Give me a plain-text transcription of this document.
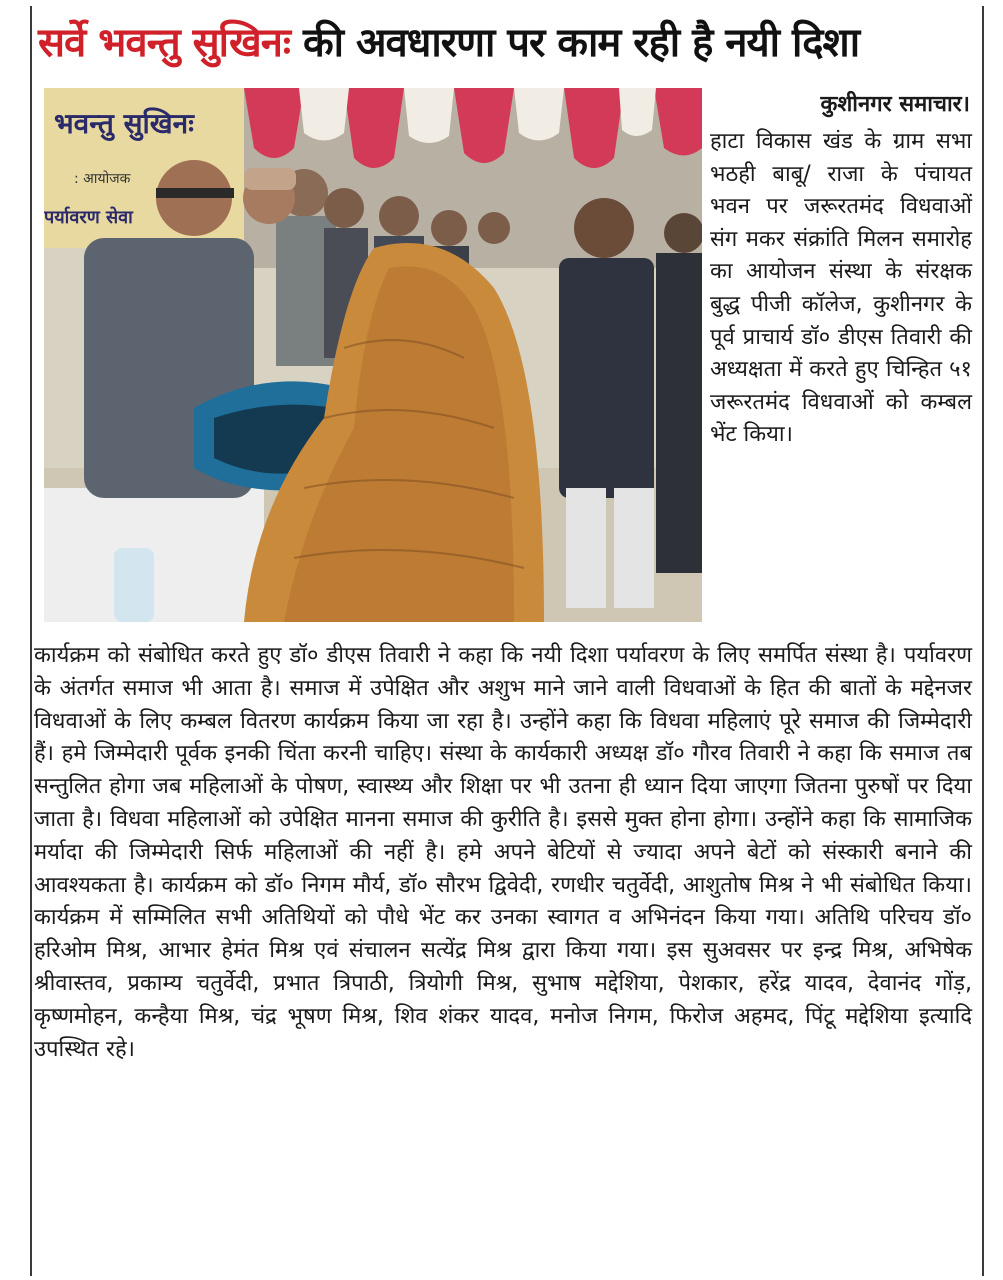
सर्वे भवन्तु सुखिनः की अवधारणा पर काम रही है नयी दिशा
भवन्तु सुखिनः
: आयोजक
पर्यावरण सेवा
कुशीनगर समाचार।
हाटा विकास खंड के ग्राम सभा भठही बाबू/ राजा के पंचायत भवन पर जरूरतमंद विधवाओं संग मकर संक्रांति मिलन समारोह का आयोजन संस्था के संरक्षक बुद्ध पीजी कॉलेज, कुशीनगर के पूर्व प्राचार्य डॉ० डीएस तिवारी की अध्यक्षता में करते हुए चिन्हित ५१ जरूरतमंद विधवाओं को कम्बल भेंट किया।
कार्यक्रम को संबोधित करते हुए डॉ० डीएस तिवारी ने कहा कि नयी दिशा पर्यावरण के लिए समर्पित संस्था है। पर्यावरण के अंतर्गत समाज भी आता है। समाज में उपेक्षित और अशुभ माने जाने वाली विधवाओं के हित की बातों के मद्देनजर विधवाओं के लिए कम्बल वितरण कार्यक्रम किया जा रहा है। उन्होंने कहा कि विधवा महिलाएं पूरे समाज की जिम्मेदारी हैं। हमे जिम्मेदारी पूर्वक इनकी चिंता करनी चाहिए। संस्था के कार्यकारी अध्यक्ष डॉ० गौरव तिवारी ने कहा कि समाज तब सन्तुलित होगा जब महिलाओं के पोषण, स्वास्थ्य और शिक्षा पर भी उतना ही ध्यान दिया जाएगा जितना पुरुषों पर दिया जाता है। विधवा महिलाओं को उपेक्षित मानना समाज की कुरीति है। इससे मुक्त होना होगा। उन्होंने कहा कि सामाजिक मर्यादा की जिम्मेदारी सिर्फ महिलाओं की नहीं है। हमे अपने बेटियों से ज्यादा अपने बेटों को संस्कारी बनाने की आवश्यकता है। कार्यक्रम को डॉ० निगम मौर्य, डॉ० सौरभ द्विवेदी, रणधीर चतुर्वेदी, आशुतोष मिश्र ने भी संबोधित किया। कार्यक्रम में सम्मिलित सभी अतिथियों को पौधे भेंट कर उनका स्वागत व अभिनंदन किया गया। अतिथि परिचय डॉ० हरिओम मिश्र, आभार हेमंत मिश्र एवं संचालन सत्येंद्र मिश्र द्वारा किया गया। इस सुअवसर पर इन्द्र मिश्र, अभिषेक श्रीवास्तव, प्रकाम्य चतुर्वेदी, प्रभात त्रिपाठी, त्रियोगी मिश्र, सुभाष मद्देशिया, पेशकार, हरेंद्र यादव, देवानंद गोंड़, कृष्णमोहन, कन्हैया मिश्र, चंद्र भूषण मिश्र, शिव शंकर यादव, मनोज निगम, फिरोज अहमद, पिंटू मद्देशिया इत्यादि उपस्थित रहे।
